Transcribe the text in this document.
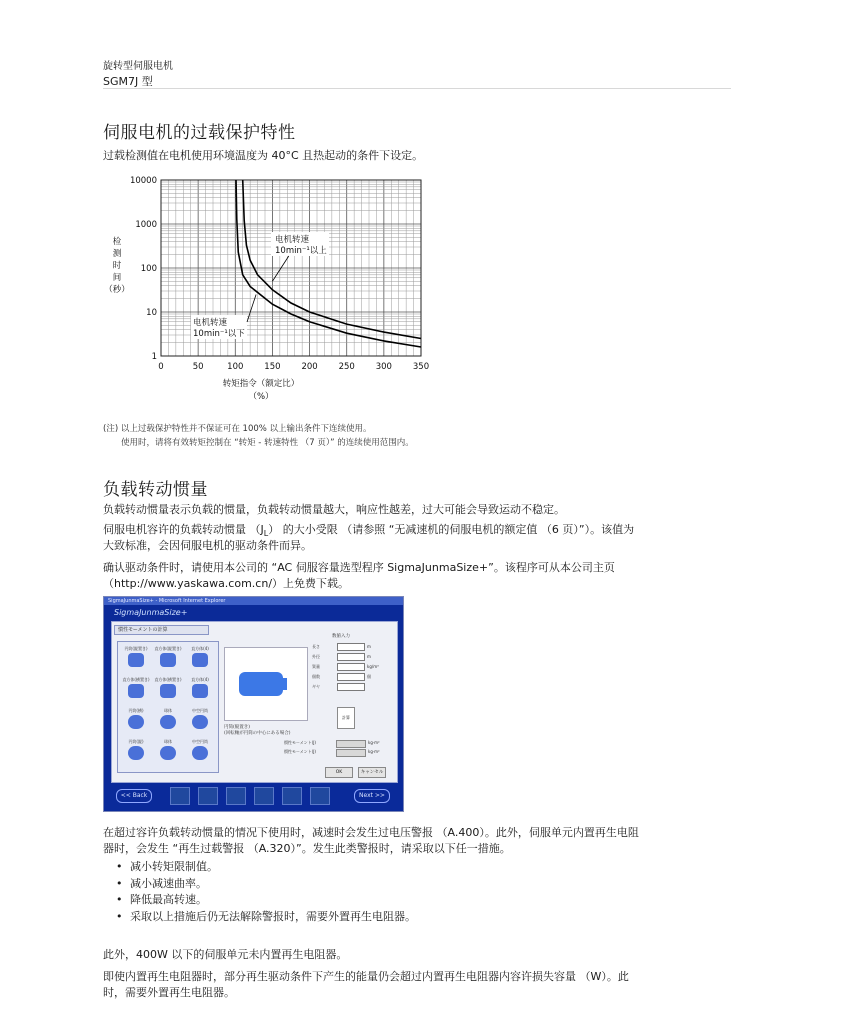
旋转型伺服电机
SGM7J 型
伺服电机的过载保护特性
过载检测值在电机使用环境温度为 40°C 且热起动的条件下设定。
1
10
100
1000
10000
0	50	100 150 200 250 300 350
检
测
时
间
（秒）
转矩指令（额定比）
（%）
电机转速
10min⁻¹以上
电机转速
10min⁻¹以下
(注) 以上过载保护特性并不保证可在 100% 以上输出条件下连续使用。
使用时，请将有效转矩控制在 “转矩 - 转速特性 （7 页）” 的连续使用范围内。
负载转动惯量
负载转动惯量表示负载的惯量，负载转动惯量越大，响应性越差，过大可能会导致运动不稳定。
伺服电机容许的负载转动惯量 $(J_L)$ 的大小受限 （请参照 “无减速机的伺服电机的额定值 （6 页）”）。该值为
大致标准，会因伺服电机的驱动条件而异。
确认驱动条件时，请使用本公司的 “AC 伺服容量选型程序 SigmaJunmaSize+”。该程序可从本公司主页
（http://www.yaskawa.com.cn/）上免费下载。
SigmaJunmaSize+ - Microsoft Internet Explorer
SigmaJunmaSize+
慣性モーメントの計算
円筒(縦置き)	直方体(縦置き)	直方体(4)
直方体(横置き) 直方体(横置き)	直方体(4)
円筒(横)	球体	中空円筒
円筒(縦)	球体	中空円筒
円筒(縦置き)
(回転軸が円筒の中心にある場合)
数値入力
長さ	m
外径	m
質量	kg/m³
個数	個
ギヤ
計算
慣性モーメント(J)	kg·m²
慣性モーメント(J)	kg·m²
OK	キャンセル
<< Back	Next >>
在超过容许负载转动惯量的情况下使用时，减速时会发生过电压警报 （A.400）。此外，伺服单元内置再生电阻
器时，会发生 “再生过载警报 （A.320）”。发生此类警报时，请采取以下任一措施。
• 减小转矩限制值。
• 减小减速曲率。
• 降低最高转速。
• 采取以上措施后仍无法解除警报时，需要外置再生电阻器。
此外，400W 以下的伺服单元未内置再生电阻器。
即使内置再生电阻器时，部分再生驱动条件下产生的能量仍会超过内置再生电阻器内容许损失容量 （W）。此
时，需要外置再生电阻器。
